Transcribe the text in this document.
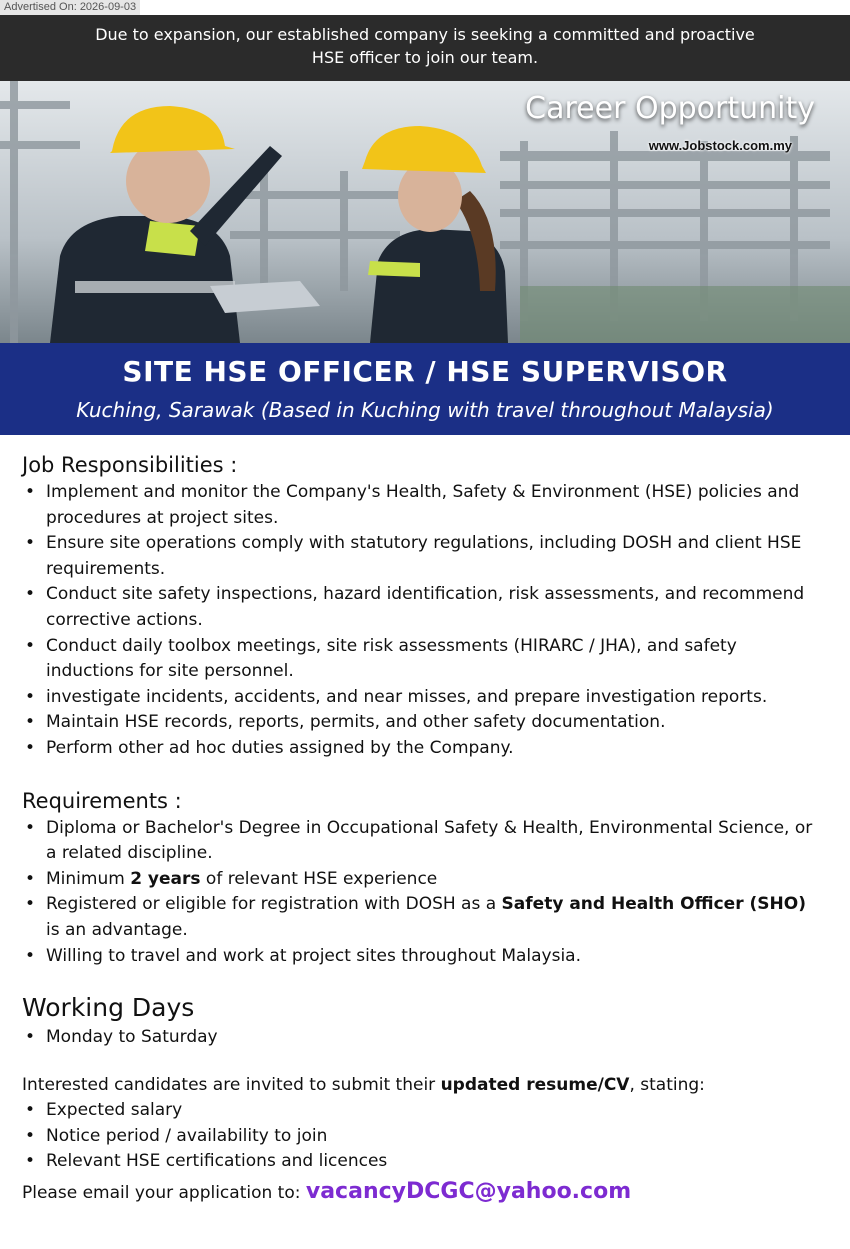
Advertised On: 2026-09-03
Due to expansion, our established company is seeking a committed and proactive
HSE officer to join our team.
Career Opportunity
www.Jobstock.com.my
SITE HSE OFFICER / HSE SUPERVISOR
Kuching, Sarawak (Based in Kuching with travel throughout Malaysia)
Job Responsibilities :
• Implement and monitor the Company's Health, Safety & Environment (HSE) policies and procedures at project sites.
• Ensure site operations comply with statutory regulations, including DOSH and client HSE requirements.
• Conduct site safety inspections, hazard identification, risk assessments, and recommend corrective actions.
• Conduct daily toolbox meetings, site risk assessments (HIRARC / JHA), and safety inductions for site personnel.
• investigate incidents, accidents, and near misses, and prepare investigation reports.
• Maintain HSE records, reports, permits, and other safety documentation.
• Perform other ad hoc duties assigned by the Company.
Requirements :
• Diploma or Bachelor's Degree in Occupational Safety & Health, Environmental Science, or a related discipline.
• Minimum 2 years of relevant HSE experience
• Registered or eligible for registration with DOSH as a Safety and Health Officer (SHO) is an advantage.
• Willing to travel and work at project sites throughout Malaysia.
Working Days
• Monday to Saturday
Interested candidates are invited to submit their updated resume/CV, stating:
• Expected salary
• Notice period / availability to join
• Relevant HSE certifications and licences
Please email your application to: vacancyDCGC@yahoo.com
